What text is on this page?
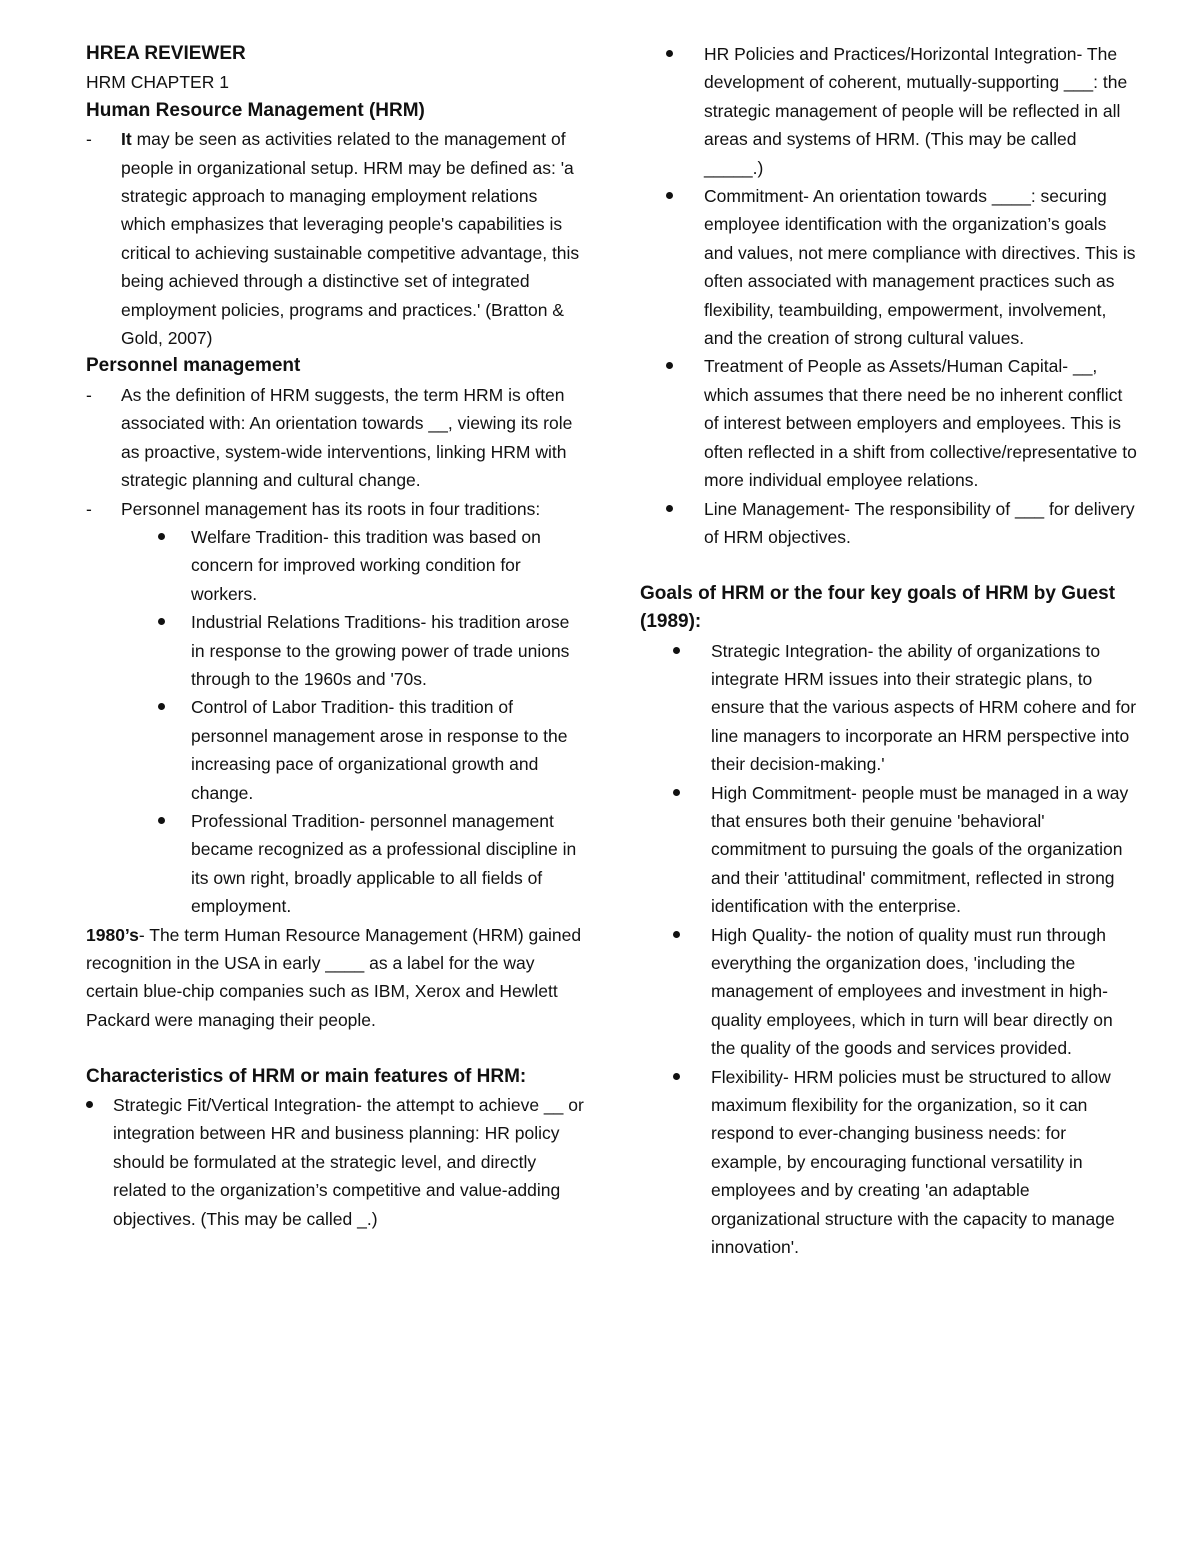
HREA REVIEWER
HRM CHAPTER 1
Human Resource Management (HRM)
- It may be seen as activities related to the management of people in organizational setup. HRM may be defined as: 'a strategic approach to managing employment relations which emphasizes that leveraging people's capabilities is critical to achieving sustainable competitive advantage, this being achieved through a distinctive set of integrated employment policies, programs and practices.' (Bratton & Gold, 2007)
Personnel management
- As the definition of HRM suggests, the term HRM is often associated with: An orientation towards __, viewing its role as proactive, system-wide interventions, linking HRM with strategic planning and cultural change.
- Personnel management has its roots in four traditions:
Welfare Tradition- this tradition was based on concern for improved working condition for workers.
Industrial Relations Traditions- his tradition arose in response to the growing power of trade unions through to the 1960s and '70s.
Control of Labor Tradition- this tradition of personnel management arose in response to the increasing pace of organizational growth and change.
Professional Tradition- personnel management became recognized as a professional discipline in its own right, broadly applicable to all fields of employment.
1980’s- The term Human Resource Management (HRM) gained recognition in the USA in early ____ as a label for the way certain blue-chip companies such as IBM, Xerox and Hewlett Packard were managing their people.
Characteristics of HRM or main features of HRM:
Strategic Fit/Vertical Integration- the attempt to achieve __ or integration between HR and business planning: HR policy should be formulated at the strategic level, and directly related to the organization’s competitive and value-adding objectives. (This may be called _.)
HR Policies and Practices/Horizontal Integration- The development of coherent, mutually-supporting ___: the strategic management of people will be reflected in all areas and systems of HRM. (This may be called _____.)
Commitment- An orientation towards ____: securing employee identification with the organization’s goals and values, not mere compliance with directives. This is often associated with management practices such as flexibility, teambuilding, empowerment, involvement, and the creation of strong cultural values.
Treatment of People as Assets/Human Capital- __, which assumes that there need be no inherent conflict of interest between employers and employees. This is often reflected in a shift from collective/representative to more individual employee relations.
Line Management- The responsibility of ___ for delivery of HRM objectives.
Goals of HRM or the four key goals of HRM by Guest (1989):
Strategic Integration- the ability of organizations to integrate HRM issues into their strategic plans, to ensure that the various aspects of HRM cohere and for line managers to incorporate an HRM perspective into their decision-making.'
High Commitment- people must be managed in a way that ensures both their genuine 'behavioral' commitment to pursuing the goals of the organization and their 'attitudinal' commitment, reflected in strong identification with the enterprise.
High Quality- the notion of quality must run through everything the organization does, 'including the management of employees and investment in high-quality employees, which in turn will bear directly on the quality of the goods and services provided.
Flexibility- HRM policies must be structured to allow maximum flexibility for the organization, so it can respond to ever-changing business needs: for example, by encouraging functional versatility in employees and by creating 'an adaptable organizational structure with the capacity to manage innovation'.
